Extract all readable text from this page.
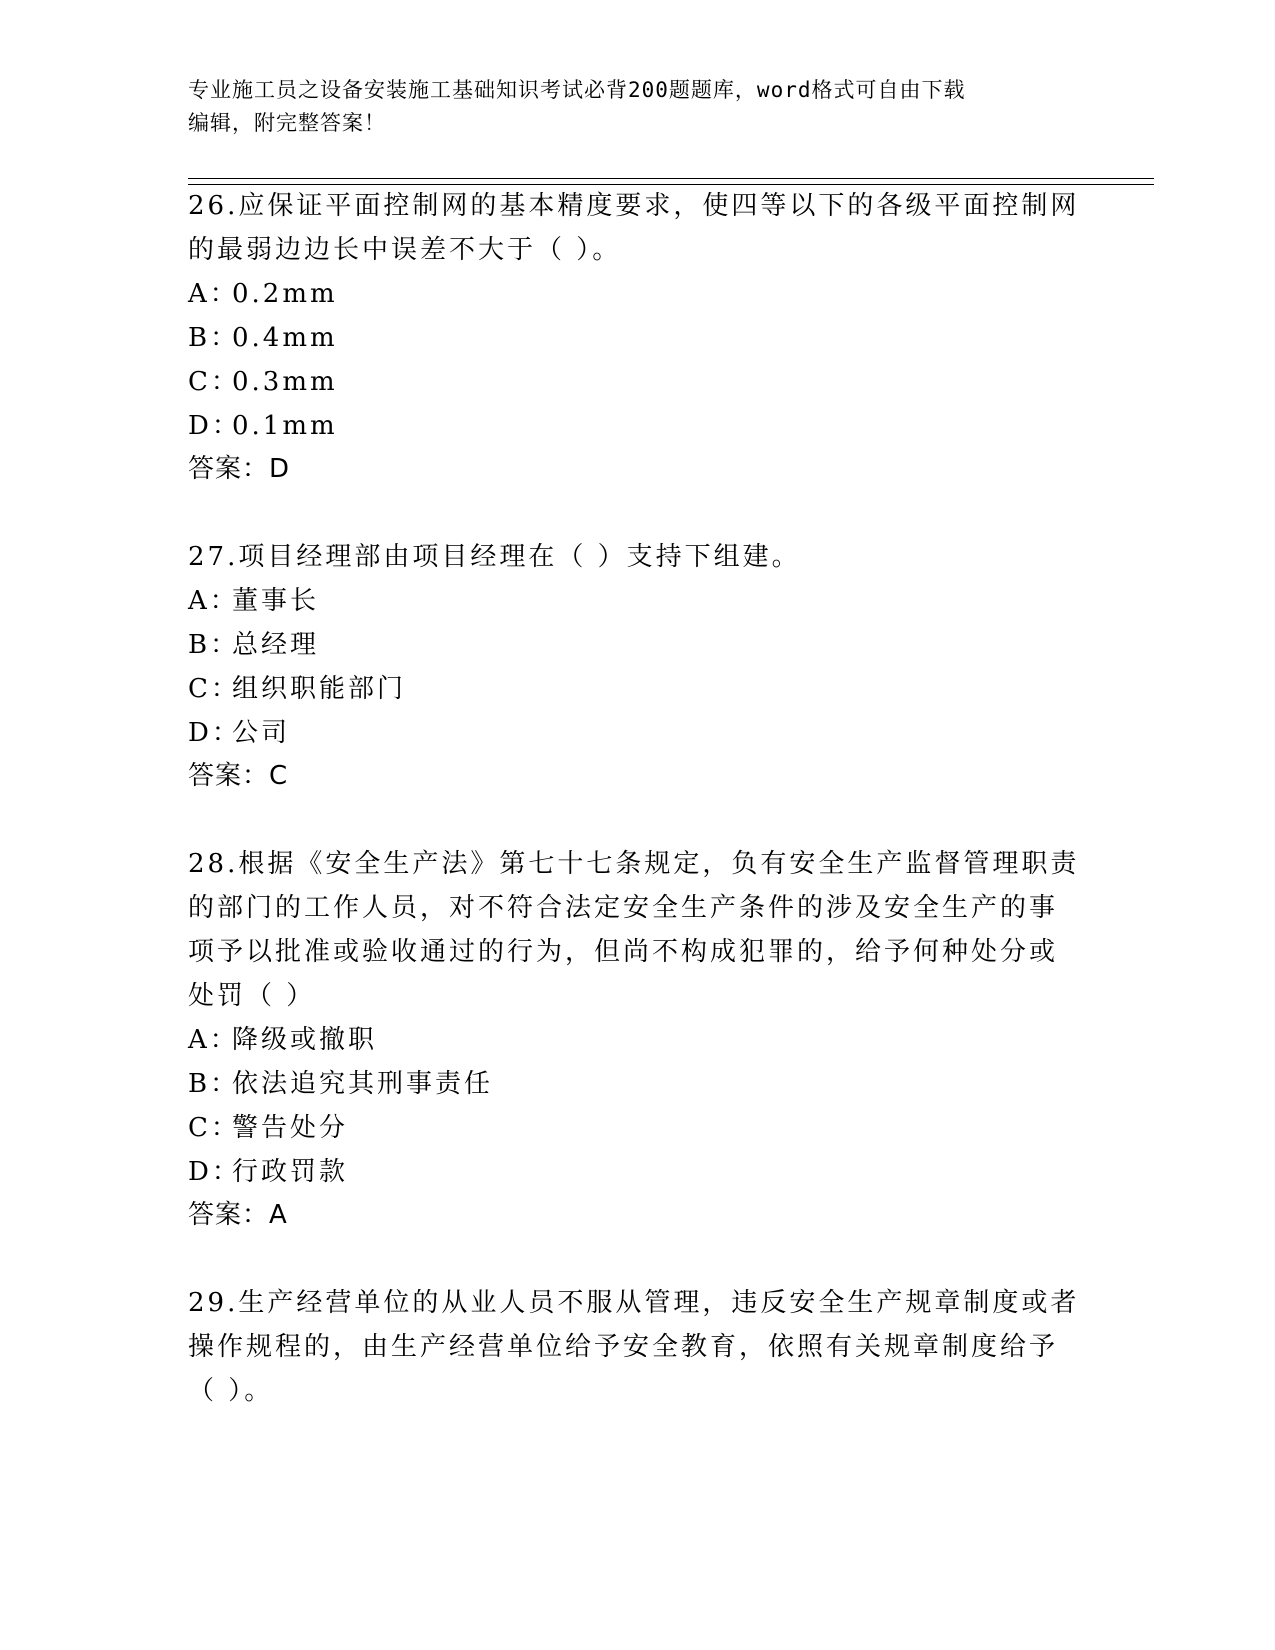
专业施工员之设备安装施工基础知识考试必背200题题库，word格式可自由下载
编辑，附完整答案！
26.应保证平面控制网的基本精度要求，使四等以下的各级平面控制网
的最弱边边长中误差不大于（ ）。
A：0.2mm
B：0.4mm
C：0.3mm
D：0.1mm
答案：D
27.项目经理部由项目经理在（ ）支持下组建。
A：董事长
B：总经理
C：组织职能部门
D：公司
答案：C
28.根据《安全生产法》第七十七条规定，负有安全生产监督管理职责
的部门的工作人员，对不符合法定安全生产条件的涉及安全生产的事
项予以批准或验收通过的行为，但尚不构成犯罪的，给予何种处分或
处罚（ ）
A：降级或撤职
B：依法追究其刑事责任
C：警告处分
D：行政罚款
答案：A
29.生产经营单位的从业人员不服从管理，违反安全生产规章制度或者
操作规程的，由生产经营单位给予安全教育，依照有关规章制度给予
（ ）。
